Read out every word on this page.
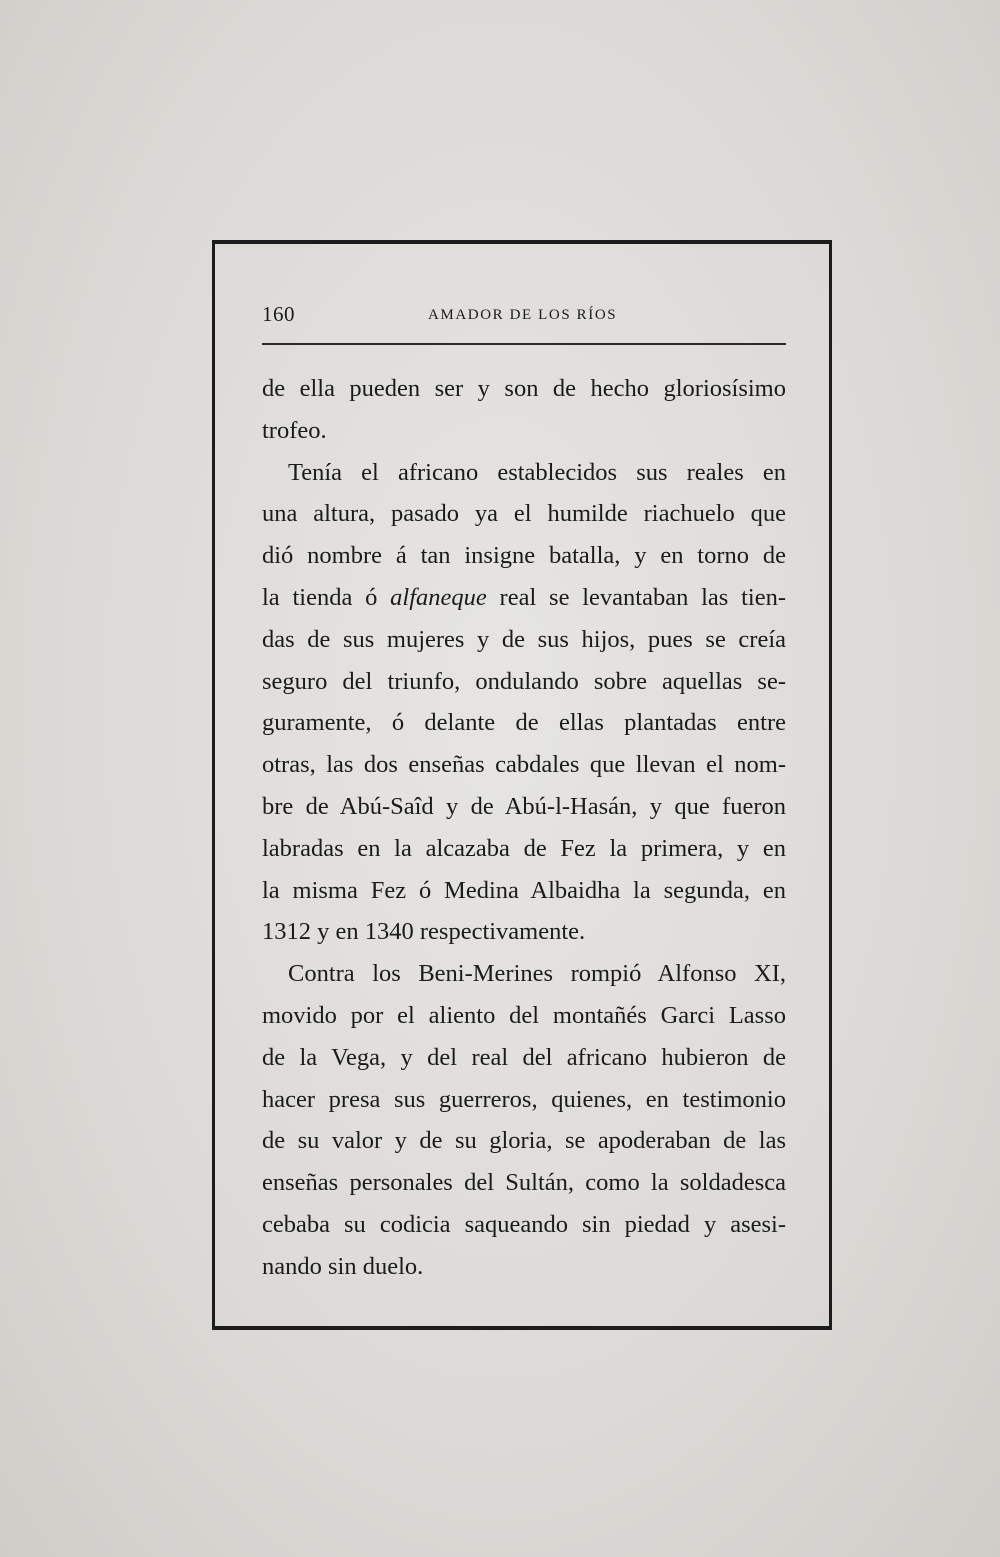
160	AMADOR DE LOS RÍOS
de ella pueden ser y son de hecho gloriosísimo
trofeo.
Tenía el africano establecidos sus reales en
una altura, pasado ya el humilde riachuelo que
dió nombre á tan insigne batalla, y en torno de
la tienda ó alfaneque real se levantaban las tien-
das de sus mujeres y de sus hijos, pues se creía
seguro del triunfo, ondulando sobre aquellas se-
guramente, ó delante de ellas plantadas entre
otras, las dos enseñas cabdales que llevan el nom-
bre de Abú-Saîd y de Abú-l-Hasán, y que fueron
labradas en la alcazaba de Fez la primera, y en
la misma Fez ó Medina Albaidha la segunda, en
1312 y en 1340 respectivamente.
Contra los Beni-Merines rompió Alfonso XI,
movido por el aliento del montañés Garci Lasso
de la Vega, y del real del africano hubieron de
hacer presa sus guerreros, quienes, en testimonio
de su valor y de su gloria, se apoderaban de las
enseñas personales del Sultán, como la soldadesca
cebaba su codicia saqueando sin piedad y asesi-
nando sin duelo.
